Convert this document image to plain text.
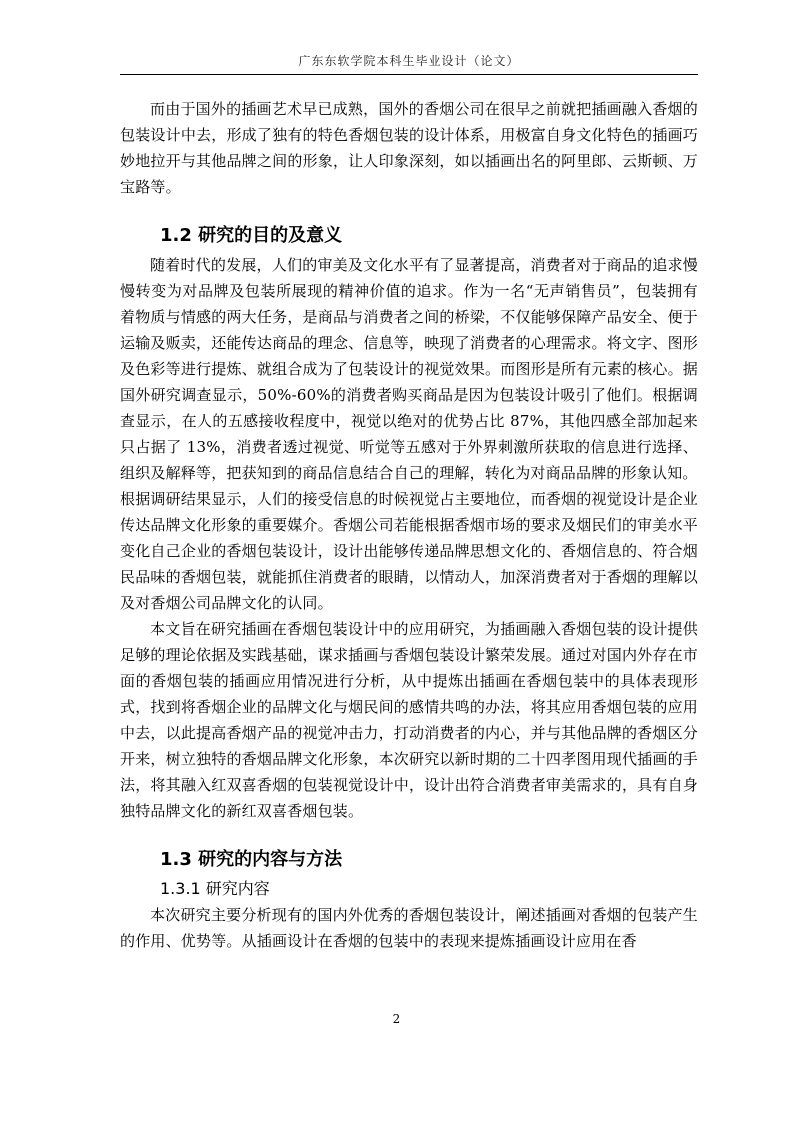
广东东软学院本科生毕业设计（论文）

而由于国外的插画艺术早已成熟，国外的香烟公司在很早之前就把插画融入香烟的包装设计中去，形成了独有的特色香烟包装的设计体系，用极富自身文化特色的插画巧妙地拉开与其他品牌之间的形象，让人印象深刻，如以插画出名的阿里郎、云斯顿、万宝路等。

1.2 研究的目的及意义

随着时代的发展，人们的审美及文化水平有了显著提高，消费者对于商品的追求慢慢转变为对品牌及包装所展现的精神价值的追求。作为一名“无声销售员”，包装拥有着物质与情感的两大任务，是商品与消费者之间的桥梁，不仅能够保障产品安全、便于运输及贩卖，还能传达商品的理念、信息等，映现了消费者的心理需求。将文字、图形及色彩等进行提炼、就组合成为了包装设计的视觉效果。而图形是所有元素的核心。据国外研究调查显示，50%-60%的消费者购买商品是因为包装设计吸引了他们。根据调查显示，在人的五感接收程度中，视觉以绝对的优势占比 87%，其他四感全部加起来只占据了 13%，消费者透过视觉、听觉等五感对于外界刺激所获取的信息进行选择、组织及解释等，把获知到的商品信息结合自己的理解，转化为对商品品牌的形象认知。

根据调研结果显示，人们的接受信息的时候视觉占主要地位，而香烟的视觉设计是企业传达品牌文化形象的重要媒介。香烟公司若能根据香烟市场的要求及烟民们的审美水平变化自己企业的香烟包装设计，设计出能够传递品牌思想文化的、香烟信息的、符合烟民品味的香烟包装，就能抓住消费者的眼睛，以情动人，加深消费者对于香烟的理解以及对香烟公司品牌文化的认同。

本文旨在研究插画在香烟包装设计中的应用研究，为插画融入香烟包装的设计提供足够的理论依据及实践基础，谋求插画与香烟包装设计繁荣发展。通过对国内外存在市面的香烟包装的插画应用情况进行分析，从中提炼出插画在香烟包装中的具体表现形式，找到将香烟企业的品牌文化与烟民间的感情共鸣的办法，将其应用香烟包装的应用中去，以此提高香烟产品的视觉冲击力，打动消费者的内心，并与其他品牌的香烟区分开来，树立独特的香烟品牌文化形象，本次研究以新时期的二十四孝图用现代插画的手法，将其融入红双喜香烟的包装视觉设计中，设计出符合消费者审美需求的，具有自身独特品牌文化的新红双喜香烟包装。

1.3 研究的内容与方法
1.3.1 研究内容

本次研究主要分析现有的国内外优秀的香烟包装设计，阐述插画对香烟的包装产生的作用、优势等。从插画设计在香烟的包装中的表现来提炼插画设计应用在香

2
